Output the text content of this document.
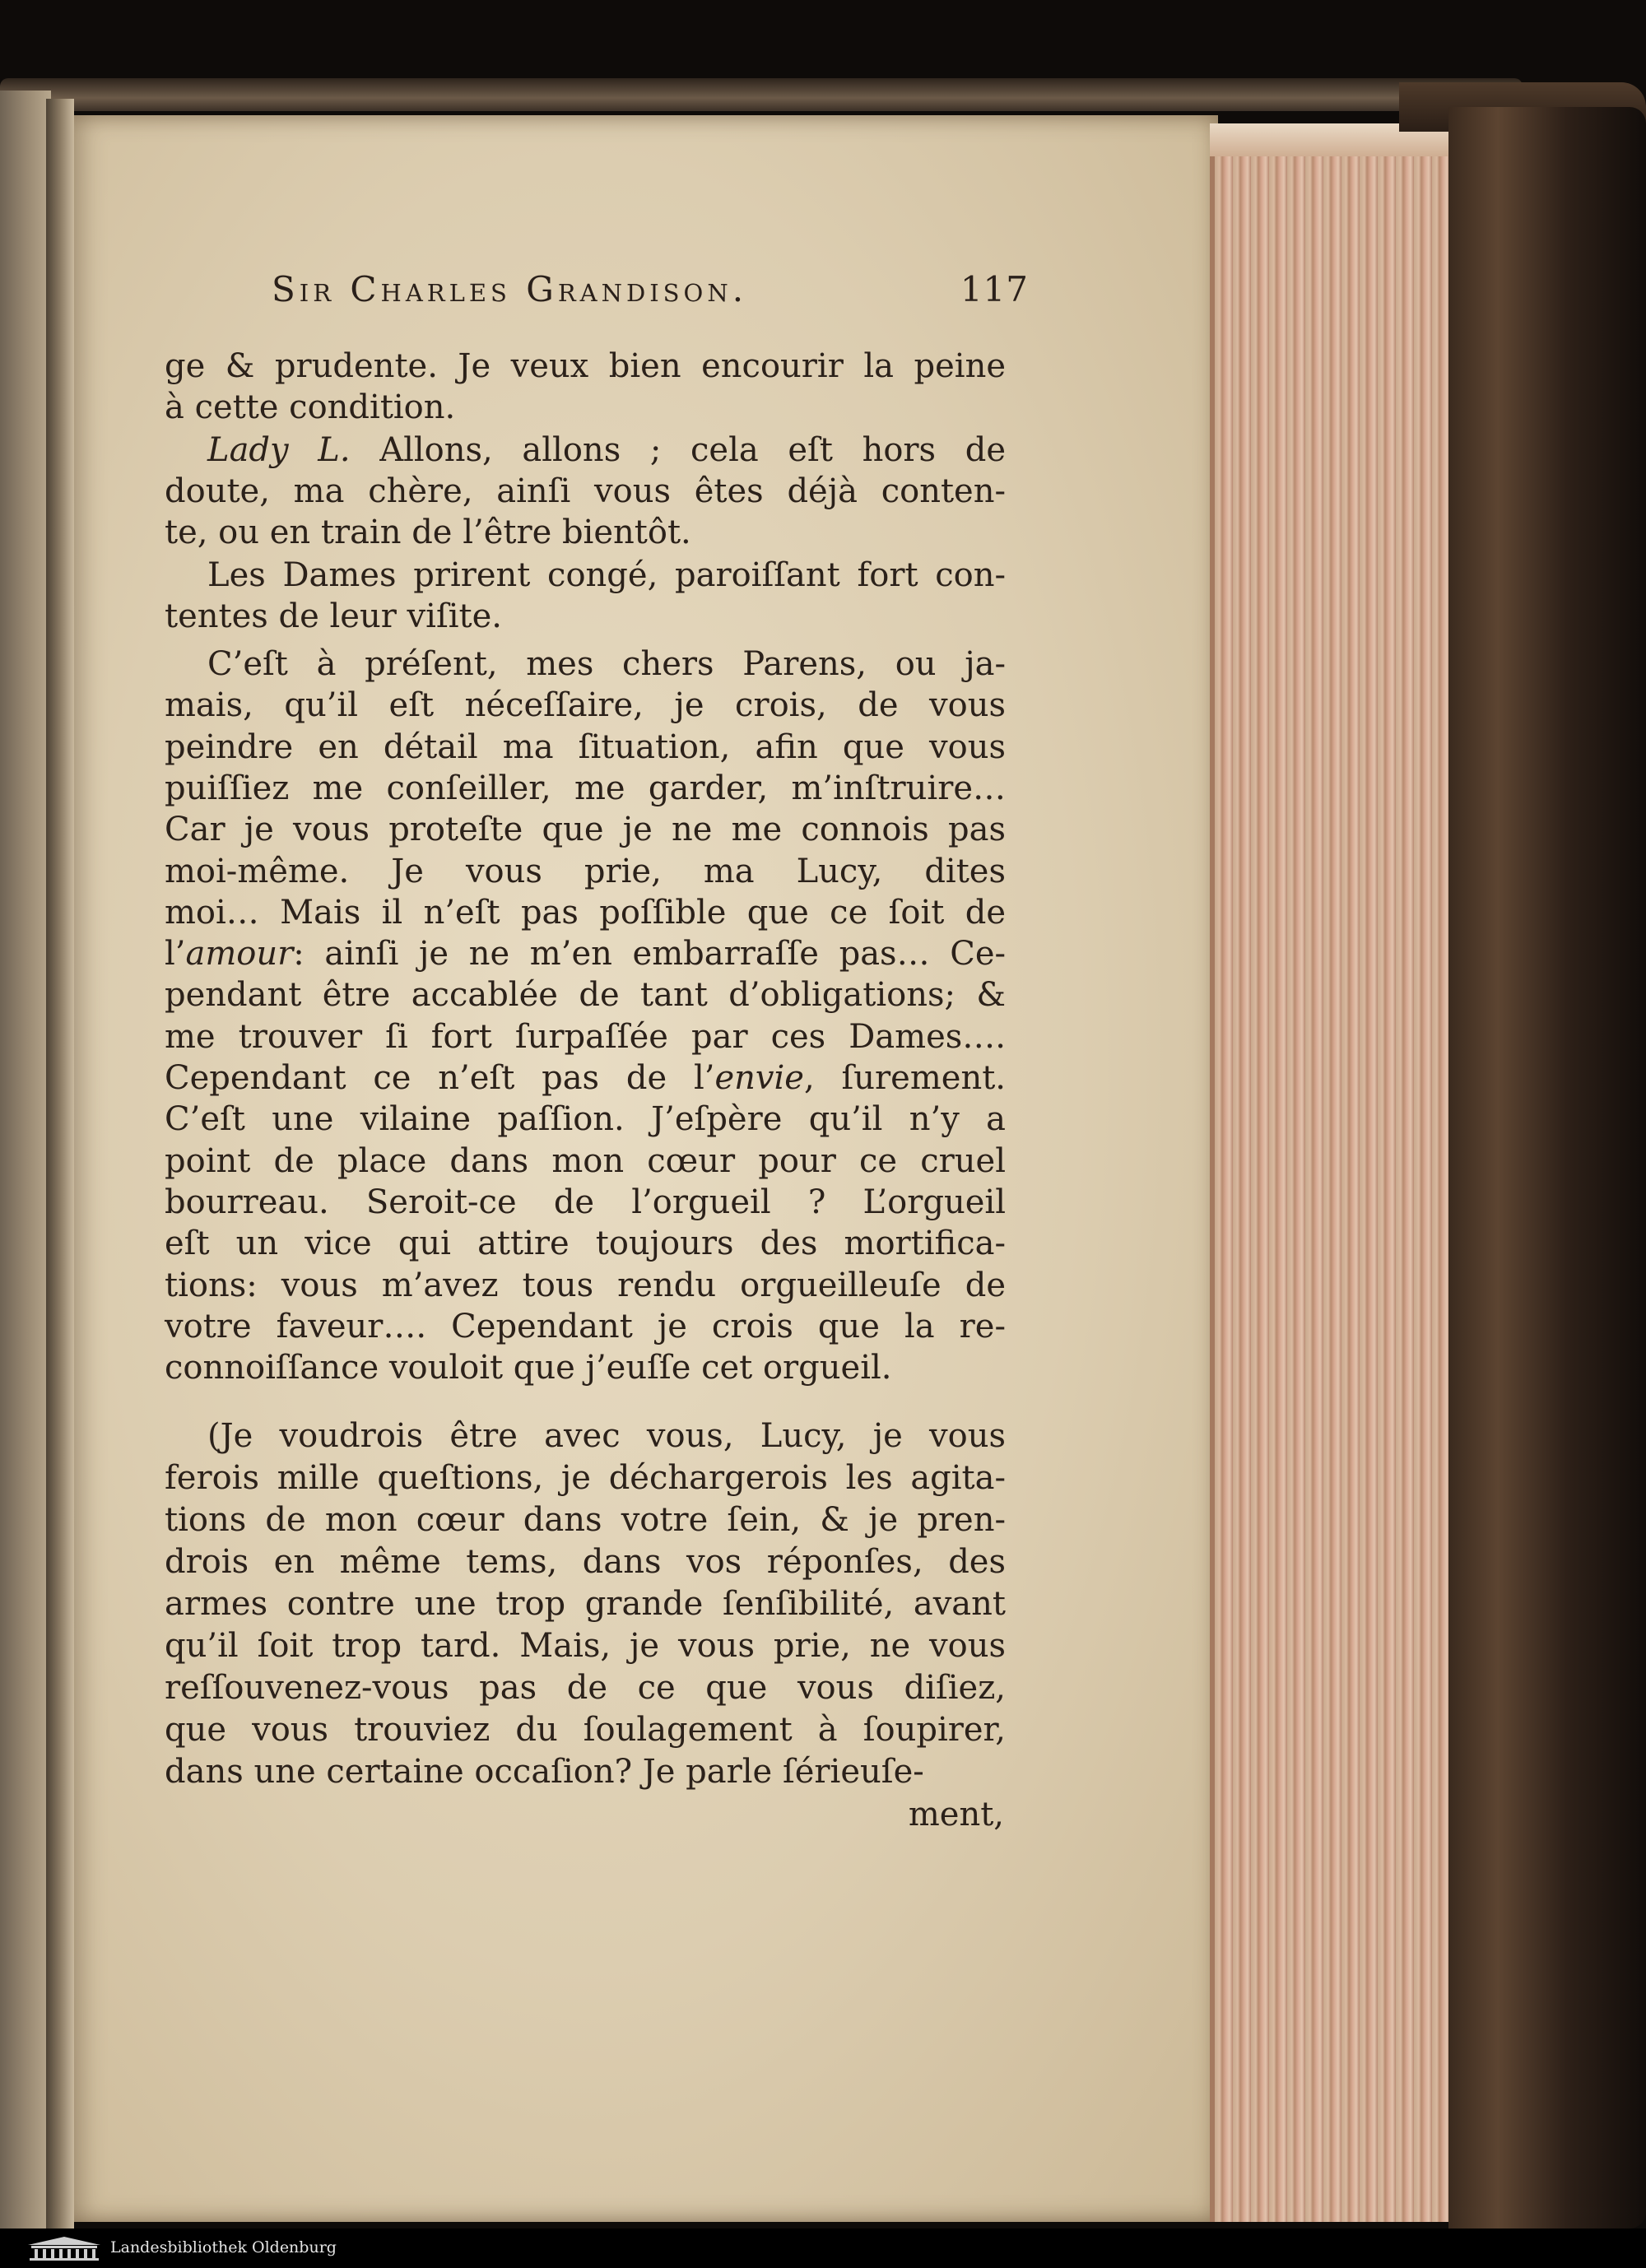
Sir Charles Grandison.	117
ge & prudente. Je veux bien encourir la peine
à cette condition.
Lady L. Allons, allons ; cela eſt hors de
doute, ma chère, ainſi vous êtes déjà conten-
te, ou en train de l’être bientôt.
Les Dames prirent congé, paroiſſant fort con-
tentes de leur viſite.
C’eſt à préſent, mes chers Parens, ou ja-
mais, qu’il eſt néceſſaire, je crois, de vous
peindre en détail ma ſituation, afin que vous
puiſſiez me conſeiller, me garder, m’inſtruire…
Car je vous proteſte que je ne me connois pas
moi-même. Je vous prie, ma Lucy, dites
moi… Mais il n’eſt pas poſſible que ce ſoit de
l’amour: ainſi je ne m’en embarraſſe pas… Ce-
pendant être accablée de tant d’obligations; &
me trouver ſi fort ſurpaſſée par ces Dames….
Cependant ce n’eſt pas de l’envie, ſurement.
C’eſt une vilaine paſſion. J’eſpère qu’il n’y a
point de place dans mon cœur pour ce cruel
bourreau. Seroit-ce de l’orgueil ? L’orgueil
eſt un vice qui attire toujours des mortifica-
tions: vous m’avez tous rendu orgueilleuſe de
votre faveur…. Cependant je crois que la re-
connoiſſance vouloit que j’euſſe cet orgueil.
(Je voudrois être avec vous, Lucy, je vous
ferois mille queſtions, je déchargerois les agita-
tions de mon cœur dans votre ſein, & je pren-
drois en même tems, dans vos réponſes, des
armes contre une trop grande ſenſibilité, avant
qu’il ſoit trop tard. Mais, je vous prie, ne vous
reſſouvenez-vous pas de ce que vous diſiez,
que vous trouviez du ſoulagement à ſoupirer,
dans une certaine occaſion? Je parle ſérieuſe-
ment,
Landesbibliothek Oldenburg
